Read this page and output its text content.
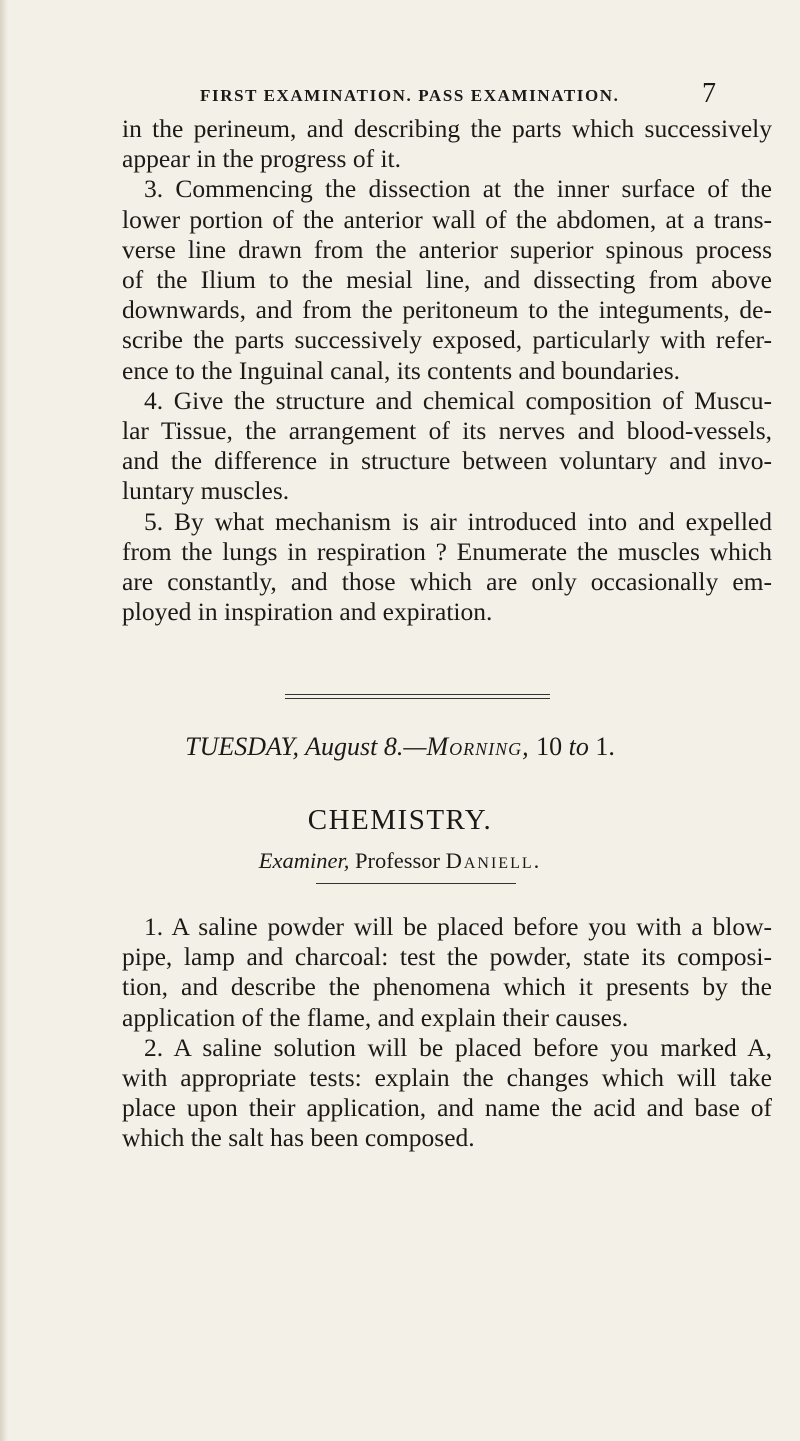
FIRST EXAMINATION. PASS EXAMINATION.	7
in the perineum, and describing the parts which successively
appear in the progress of it.
3. Commencing the dissection at the inner surface of the
lower portion of the anterior wall of the abdomen, at a trans-
verse line drawn from the anterior superior spinous process
of the Ilium to the mesial line, and dissecting from above
downwards, and from the peritoneum to the integuments, de-
scribe the parts successively exposed, particularly with refer-
ence to the Inguinal canal, its contents and boundaries.
4. Give the structure and chemical composition of Muscu-
lar Tissue, the arrangement of its nerves and blood-vessels,
and the difference in structure between voluntary and invo-
luntary muscles.
5. By what mechanism is air introduced into and expelled
from the lungs in respiration ? Enumerate the muscles which
are constantly, and those which are only occasionally em-
ployed in inspiration and expiration.
TUESDAY, August 8.—Morning, 10 to 1.
CHEMISTRY.
Examiner, Professor Daniell.
1. A saline powder will be placed before you with a blow-
pipe, lamp and charcoal: test the powder, state its composi-
tion, and describe the phenomena which it presents by the
application of the flame, and explain their causes.
2. A saline solution will be placed before you marked A,
with appropriate tests: explain the changes which will take
place upon their application, and name the acid and base of
which the salt has been composed.
